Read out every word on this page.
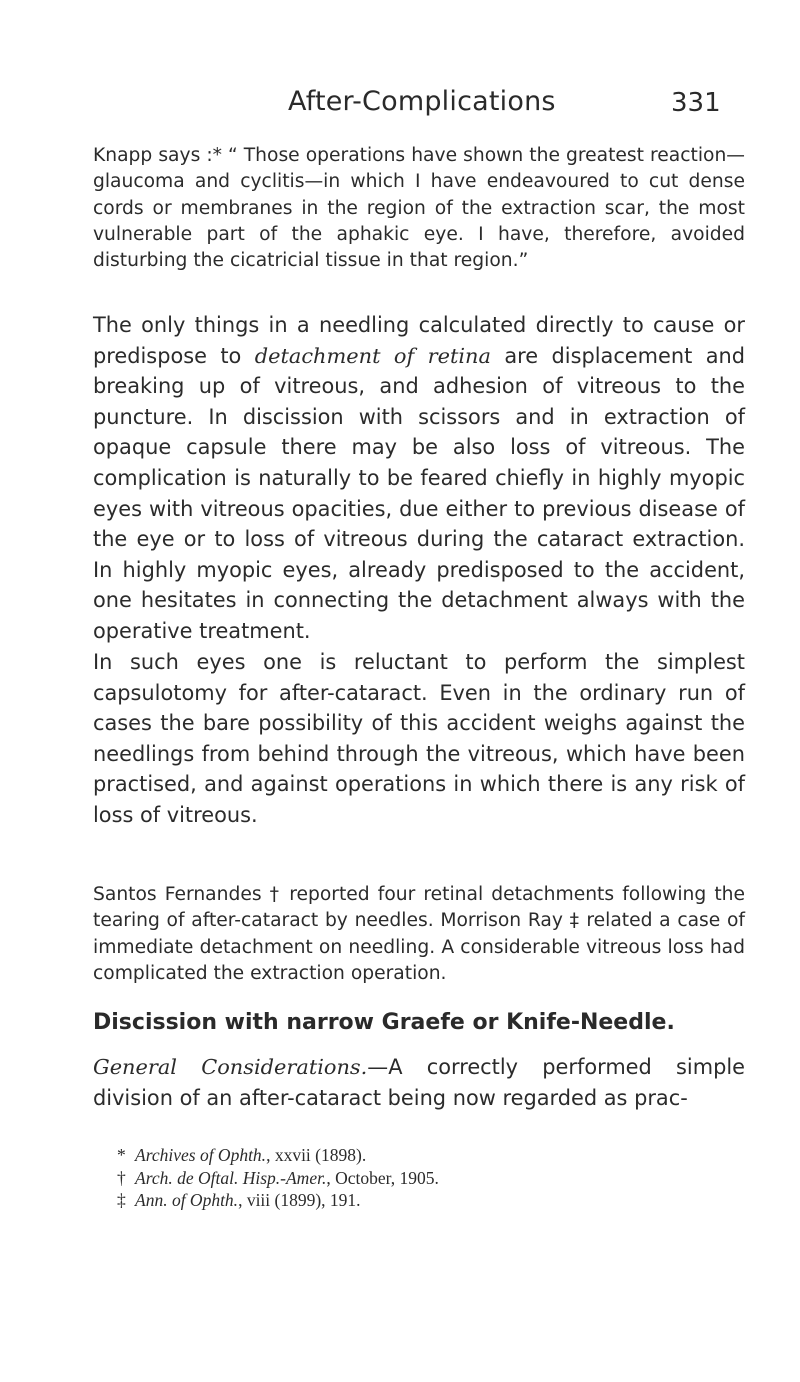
After-Complications	331

Knapp says :* “ Those operations have shown the greatest reaction—glaucoma and cyclitis—in which I have endeavoured to cut dense cords or membranes in the region of the extraction scar, the most vulnerable part of the aphakic eye. I have, therefore, avoided disturbing the cicatricial tissue in that region.”

The only things in a needling calculated directly to cause or predispose to detachment of retina are displacement and breaking up of vitreous, and adhesion of vitreous to the puncture. In discission with scissors and in extraction of opaque capsule there may be also loss of vitreous. The complication is naturally to be feared chiefly in highly myopic eyes with vitreous opacities, due either to previous disease of the eye or to loss of vitreous during the cataract extraction. In highly myopic eyes, already predisposed to the accident, one hesitates in connecting the detachment always with the operative treatment.

In such eyes one is reluctant to perform the simplest capsulotomy for after-cataract. Even in the ordinary run of cases the bare possibility of this accident weighs against the needlings from behind through the vitreous, which have been practised, and against operations in which there is any risk of loss of vitreous.

Santos Fernandes † reported four retinal detachments following the tearing of after-cataract by needles. Morrison Ray ‡ related a case of immediate detachment on needling. A considerable vitreous loss had complicated the extraction operation.

Discission with narrow Graefe or Knife-Needle.

General Considerations.—A correctly performed simple division of an after-cataract being now regarded as prac-

* Archives of Ophth., xxvii (1898).
† Arch. de Oftal. Hisp.-Amer., October, 1905.
‡ Ann. of Ophth., viii (1899), 191.
